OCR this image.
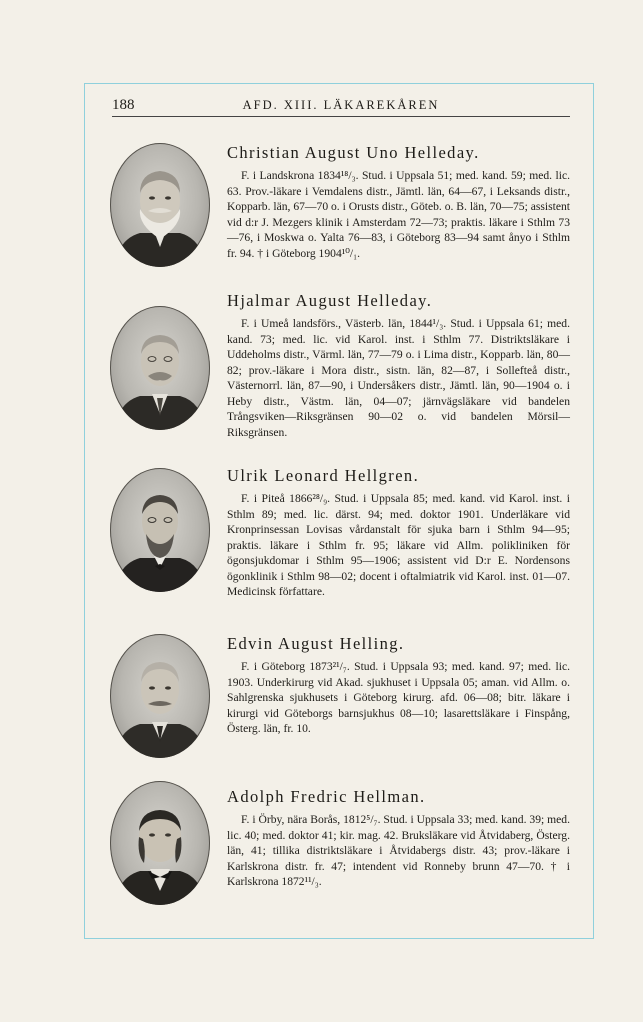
188	AFD. XIII. LÄKAREKÅREN
Christian August Uno Helleday.
F. i Landskrona 1834¹⁸/₃. Stud. i Uppsala 51; med. kand. 59; med. lic. 63. Prov.-läkare i Vemdalens distr., Jämtl. län, 64—67, i Leksands distr., Kopparb. län, 67—70 o. i Orusts distr., Göteb. o. B. län, 70—75; assistent vid d:r J. Mezgers klinik i Amsterdam 72—73; praktis. läkare i Sthlm 73—76, i Moskwa o. Yalta 76—83, i Göteborg 83—94 samt ånyo i Sthlm fr. 94. † i Göteborg 1904¹⁰/₁.
Hjalmar August Helleday.
F. i Umeå landsförs., Västerb. län, 1844¹/₃. Stud. i Uppsala 61; med. kand. 73; med. lic. vid Karol. inst. i Sthlm 77. Distriktsläkare i Uddeholms distr., Värml. län, 77—79 o. i Lima distr., Kopparb. län, 80—82; prov.-läkare i Mora distr., sistn. län, 82—87, i Sollefteå distr., Västernorrl. län, 87—90, i Undersåkers distr., Jämtl. län, 90—1904 o. i Heby distr., Västm. län, 04—07; järnvägsläkare vid bandelen Trångsviken—Riksgränsen 90—02 o. vid bandelen Mörsil—Riksgränsen.
Ulrik Leonard Hellgren.
F. i Piteå 1866²⁸/₉. Stud. i Uppsala 85; med. kand. vid Karol. inst. i Sthlm 89; med. lic. därst. 94; med. doktor 1901. Underläkare vid Kronprinsessan Lovisas vårdanstalt för sjuka barn i Sthlm 94—95; praktis. läkare i Sthlm fr. 95; läkare vid Allm. polikliniken för ögonsjukdomar i Sthlm 95—1906; assistent vid D:r E. Nordensons ögonklinik i Sthlm 98—02; docent i oftalmiatrik vid Karol. inst. 01—07. Medicinsk författare.
Edvin August Helling.
F. i Göteborg 1873²¹/₇. Stud. i Uppsala 93; med. kand. 97; med. lic. 1903. Underkirurg vid Akad. sjukhuset i Uppsala 05; aman. vid Allm. o. Sahlgrenska sjukhusets i Göteborg kirurg. afd. 06—08; bitr. läkare i kirurgi vid Göteborgs barnsjukhus 08—10; lasarettsläkare i Finspång, Österg. län, fr. 10.
Adolph Fredric Hellman.
F. i Örby, nära Borås, 1812⁵/₇. Stud. i Uppsala 33; med. kand. 39; med. lic. 40; med. doktor 41; kir. mag. 42. Bruksläkare vid Åtvidaberg, Österg. län, 41; tillika distriktsläkare i Åtvidabergs distr. 43; prov.-läkare i Karlskrona distr. fr. 47; intendent vid Ronneby brunn 47—70. † i Karlskrona 1872¹¹/₃.
